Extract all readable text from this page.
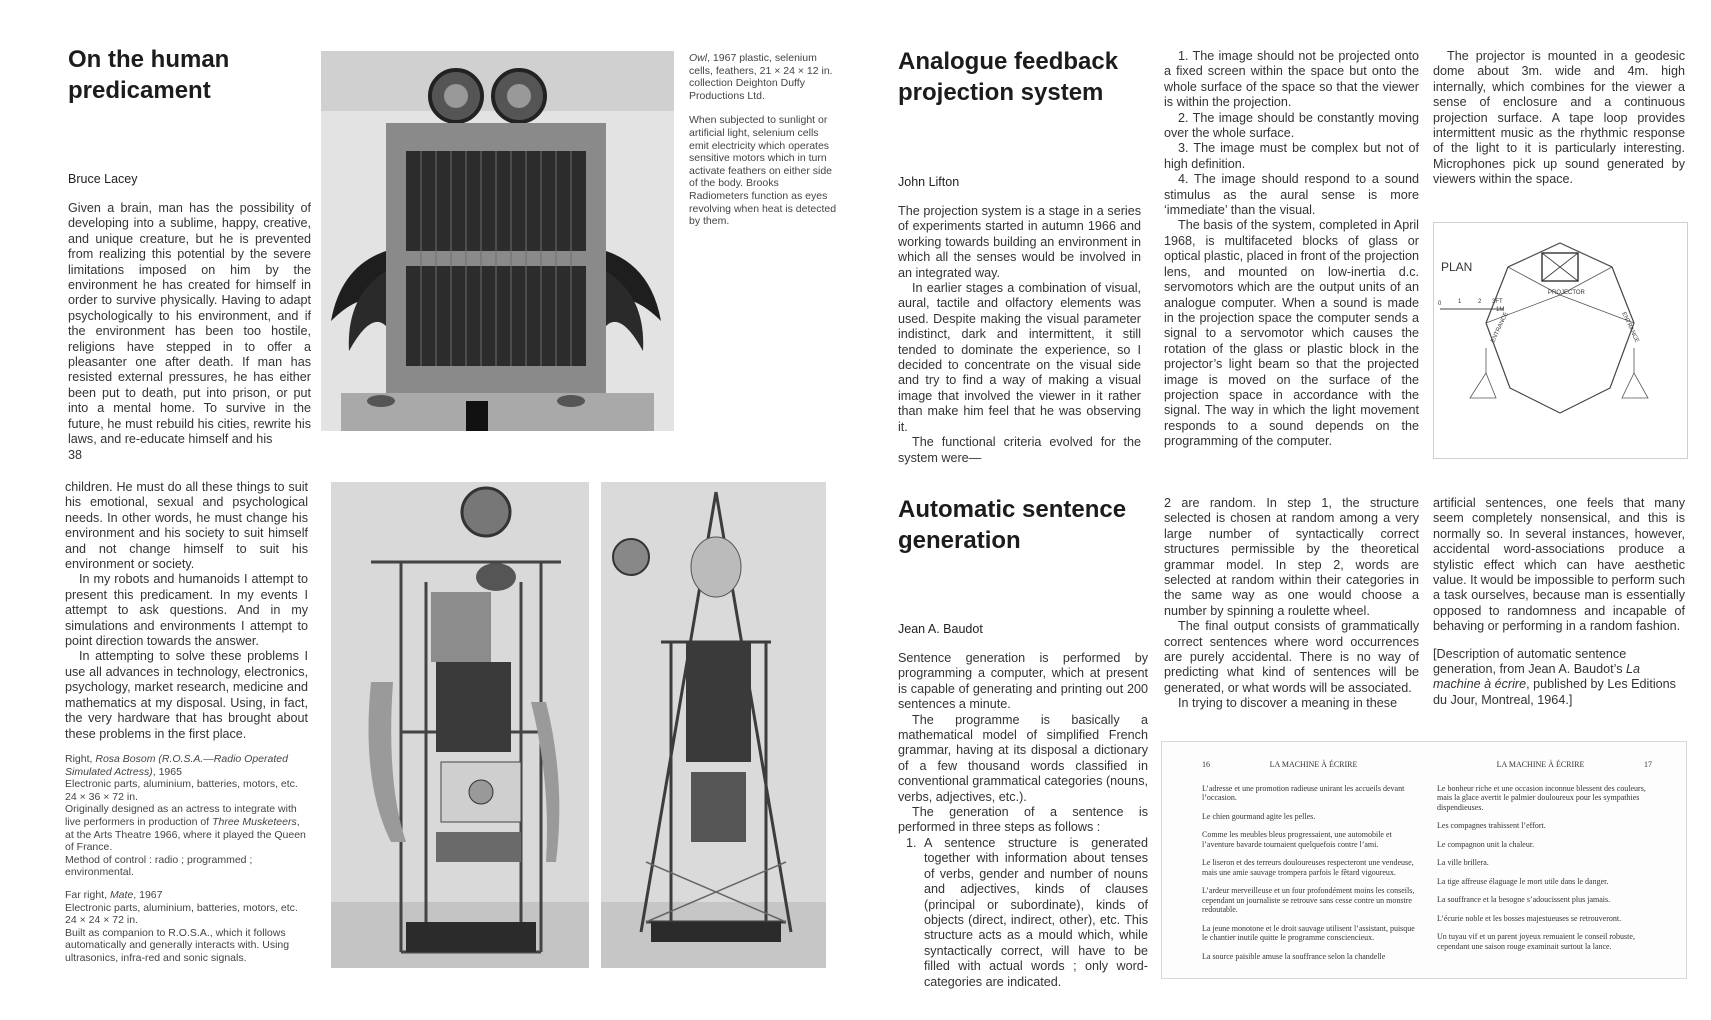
On the human predicament
Bruce Lacey

Given a brain, man has the possibility of developing into a sublime, happy, creative, and unique creature, but he is prevented from realizing this potential by the severe limitations imposed on him by the environment he has created for himself in order to survive physically. Having to adapt psychologically to his environment, and if the environment has been too hostile, religions have stepped in to offer a pleasanter one after death. If man has resisted external pressures, he has either been put to death, put into prison, or put into a mental home. To survive in the future, he must rebuild his cities, rewrite his laws, and re-educate himself and his

38

Owl, 1967 plastic, selenium cells, feathers, 21 × 24 × 12 in. collection Deighton Duffy Productions Ltd.

When subjected to sunlight or artificial light, selenium cells emit electricity which operates sensitive motors which in turn activate feathers on either side of the body. Brooks Radiometers function as eyes revolving when heat is detected by them.

children. He must do all these things to suit his emotional, sexual and psychological needs. In other words, he must change his environment and his society to suit himself and not change himself to suit his environment or society.

In my robots and humanoids I attempt to present this predicament. In my events I attempt to ask questions. And in my simulations and environments I attempt to point direction towards the answer.

In attempting to solve these problems I use all advances in technology, electronics, psychology, market research, medicine and mathematics at my disposal. Using, in fact, the very hardware that has brought about these problems in the first place.

Right, Rosa Bosom (R.O.S.A.—Radio Operated Simulated Actress), 1965
Electronic parts, aluminium, batteries, motors, etc. 24 × 36 × 72 in.
Originally designed as an actress to integrate with live performers in production of Three Musketeers, at the Arts Theatre 1966, where it played the Queen of France.
Method of control : radio ; programmed ; environmental.

Far right, Mate, 1967
Electronic parts, aluminium, batteries, motors, etc. 24 × 24 × 72 in.
Built as companion to R.O.S.A., which it follows automatically and generally interacts with. Using ultrasonics, infra-red and sonic signals.

Analogue feedback projection system
John Lifton

The projection system is a stage in a series of experiments started in autumn 1966 and working towards building an environment in which all the senses would be involved in an integrated way.

In earlier stages a combination of visual, aural, tactile and olfactory elements was used. Despite making the visual parameter indistinct, dark and intermittent, it still tended to dominate the experience, so I decided to concentrate on the visual side and try to find a way of making a visual image that involved the viewer in it rather than make him feel that he was observing it.

The functional criteria evolved for the system were—

1. The image should not be projected onto a fixed screen within the space but onto the whole surface of the space so that the viewer is within the projection.

2. The image should be constantly moving over the whole surface.

3. The image must be complex but not of high definition.

4. The image should respond to a sound stimulus as the aural sense is more ‘immediate’ than the visual.

The basis of the system, completed in April 1968, is multifaceted blocks of glass or optical plastic, placed in front of the projection lens, and mounted on low-inertia d.c. servomotors which are the output units of an analogue computer. When a sound is made in the projection space the computer sends a signal to a servomotor which causes the rotation of the glass or plastic block in the projector’s light beam so that the projected image is moved on the surface of the projection space in accordance with the signal. The way in which the light movement responds to a sound depends on the programming of the computer.

The projector is mounted in a geodesic dome about 3m. wide and 4m. high internally, which combines for the viewer a sense of enclosure and a continuous projection surface. A tape loop provides intermittent music as the rhythmic response of the light to it is particularly interesting. Microphones pick up sound generated by viewers within the space.

PLAN
0	1	2 3FT
1M
PROJECTOR
ENTRANCE	ENTRANCE
Automatic sentence generation
Jean A. Baudot

Sentence generation is performed by programming a computer, which at present is capable of generating and printing out 200 sentences a minute.

The programme is basically a mathematical model of simplified French grammar, having at its disposal a dictionary of a few thousand words classified in conventional grammatical categories (nouns, verbs, adjectives, etc.).

The generation of a sentence is performed in three steps as follows :

1. A sentence structure is generated together with information about tenses of verbs, gender and number of nouns and adjectives, kinds of clauses (principal or subordinate), kinds of objects (direct, indirect, other), etc. This structure acts as a mould which, while syntactically correct, will have to be filled with actual words ; only word-categories are indicated.

2 are random. In step 1, the structure selected is chosen at random among a very large number of syntactically correct structures permissible by the theoretical grammar model. In step 2, words are selected at random within their categories in the same way as one would choose a number by spinning a roulette wheel.

The final output consists of grammatically correct sentences where word occurrences are purely accidental. There is no way of predicting what kind of sentences will be generated, or what words will be associated.

In trying to discover a meaning in these

artificial sentences, one feels that many seem completely nonsensical, and this is normally so. In several instances, however, accidental word-associations produce a stylistic effect which can have aesthetic value. It would be impossible to perform such a task ourselves, because man is essentially opposed to randomness and incapable of behaving or performing in a random fashion.

[Description of automatic sentence generation, from Jean A. Baudot’s La machine à écrire, published by Les Editions du Jour, Montreal, 1964.]

16	LA MACHINE À ÉCRIRE

L’adresse et une promotion radieuse unirant les accueils devant l’occasion.

Le chien gourmand agite les pelles.

Comme les meubles bleus progressaient, une automobile et l’aventure bavarde tournaient quelquefois contre l’ami.

Le liseron et des terreurs douloureuses respecteront une vendeuse, mais une amie sauvage trompera parfois le fêtard vigoureux.

L’ardeur merveilleuse et un four profondément moins les conseils, cependant un journaliste se retrouve sans cesse contre un monstre redoutable.

La jeune monotone et le droit sauvage utilisent l’assistant, puisque le chantier inutile quitte le programme consciencieux.

La source paisible amuse la souffrance selon la chandelle

LA MACHINE À ÉCRIRE	17

Le bonheur riche et une occasion inconnue blessent des couleurs, mais la glace avertit le palmier douloureux pour les sympathies dispendieuses.

Les compagnes trahissent l’effort.

Le compagnon unit la chaleur.

La ville brillera.

La tige affreuse élaguage le mort utile dans le danger.

La souffrance et la besogne s’adoucissent plus jamais.

L’écurie noble et les bosses majestueuses se retrouveront.

Un tuyau vif et un parent joyeux remuaient le conseil robuste, cependant une saison rouge examinait surtout la lance.
